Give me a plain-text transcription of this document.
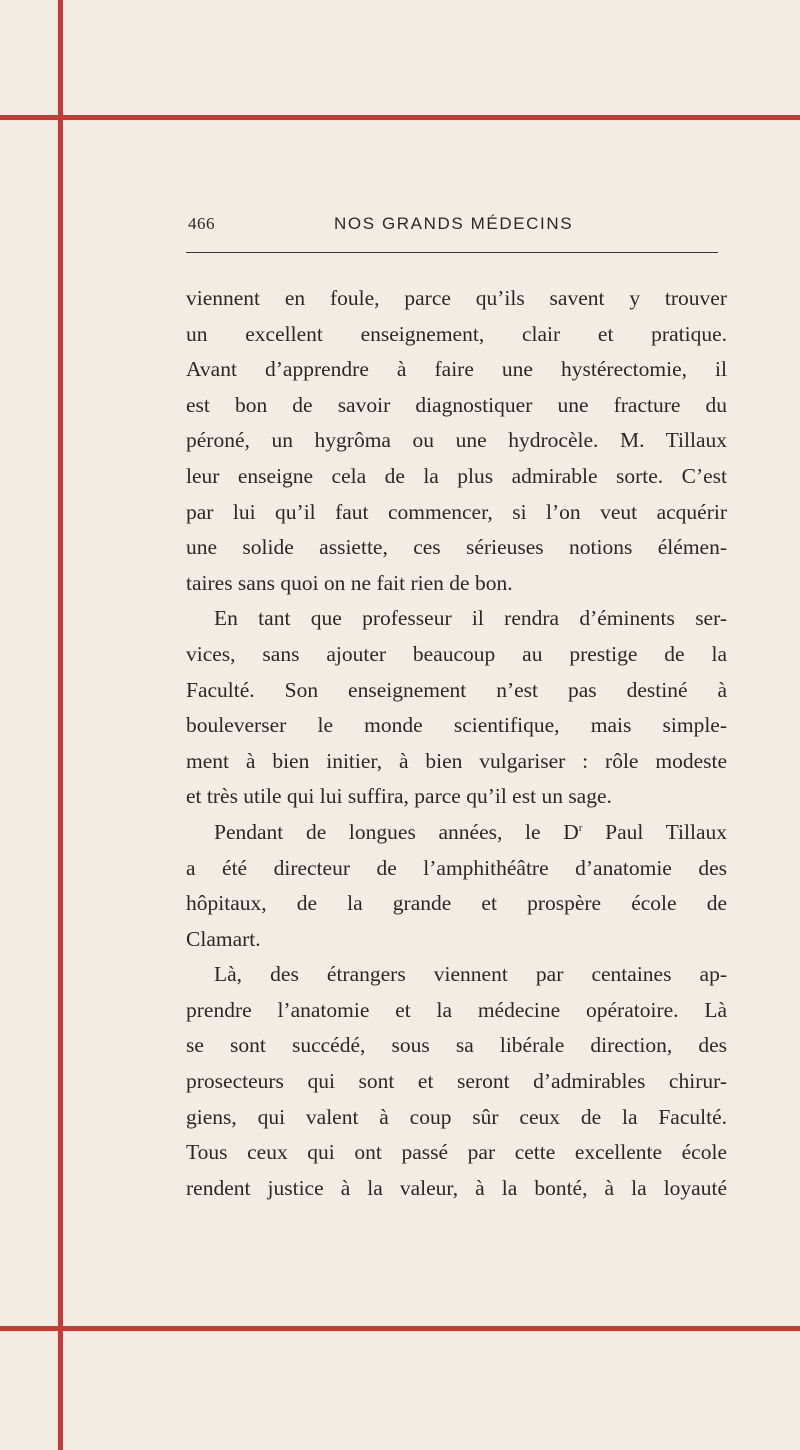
466	NOS GRANDS MÉDECINS
viennent en foule, parce qu’ils savent y trouver
un excellent enseignement, clair et pratique.
Avant d’apprendre à faire une hystérectomie, il
est bon de savoir diagnostiquer une fracture du
péroné, un hygrôma ou une hydrocèle. M. Tillaux
leur enseigne cela de la plus admirable sorte. C’est
par lui qu’il faut commencer, si l’on veut acquérir
une solide assiette, ces sérieuses notions élémen-
taires sans quoi on ne fait rien de bon.
En tant que professeur il rendra d’éminents ser-
vices, sans ajouter beaucoup au prestige de la
Faculté. Son enseignement n’est pas destiné à
bouleverser le monde scientifique, mais simple-
ment à bien initier, à bien vulgariser : rôle modeste
et très utile qui lui suffira, parce qu’il est un sage.
Pendant de longues années, le $D^r$ Paul Tillaux
a été directeur de l’amphithéâtre d’anatomie des
hôpitaux, de la grande et prospère école de
Clamart.
Là, des étrangers viennent par centaines ap-
prendre l’anatomie et la médecine opératoire. Là
se sont succédé, sous sa libérale direction, des
prosecteurs qui sont et seront d’admirables chirur-
giens, qui valent à coup sûr ceux de la Faculté.
Tous ceux qui ont passé par cette excellente école
rendent justice à la valeur, à la bonté, à la loyauté
